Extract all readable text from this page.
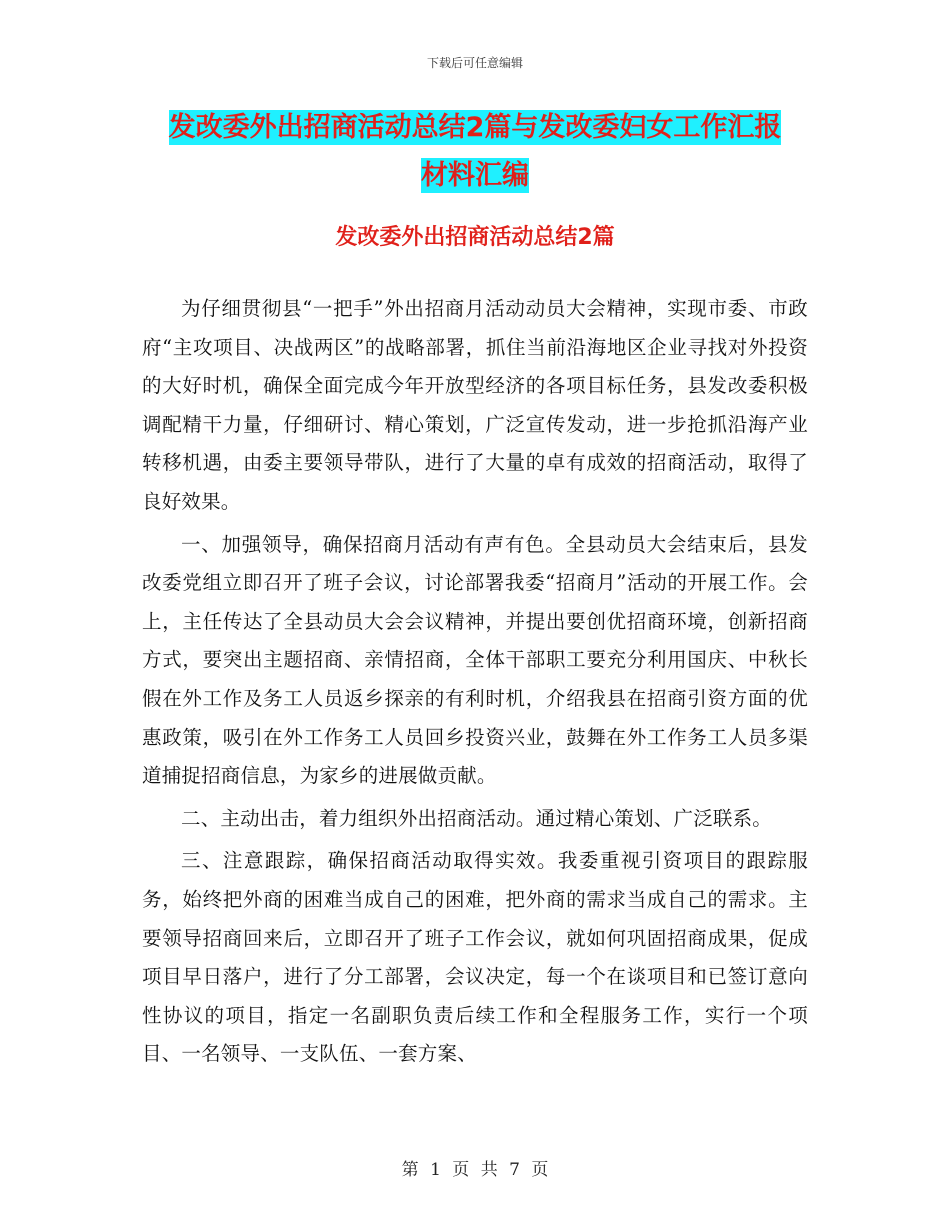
下载后可任意编辑
发改委外出招商活动总结2篇与发改委妇女工作汇报
材料汇编
发改委外出招商活动总结2篇

为仔细贯彻县“一把手”外出招商月活动动员大会精神，实现市委、市政府“主攻项目、决战两区”的战略部署，抓住当前沿海地区企业寻找对外投资的大好时机，确保全面完成今年开放型经济的各项目标任务，县发改委积极调配精干力量，仔细研讨、精心策划，广泛宣传发动，进一步抢抓沿海产业转移机遇，由委主要领导带队，进行了大量的卓有成效的招商活动，取得了良好效果。

一、加强领导，确保招商月活动有声有色。全县动员大会结束后，县发改委党组立即召开了班子会议，讨论部署我委“招商月”活动的开展工作。会上，主任传达了全县动员大会会议精神，并提出要创优招商环境，创新招商方式，要突出主题招商、亲情招商，全体干部职工要充分利用国庆、中秋长假在外工作及务工人员返乡探亲的有利时机，介绍我县在招商引资方面的优惠政策，吸引在外工作务工人员回乡投资兴业，鼓舞在外工作务工人员多渠道捕捉招商信息，为家乡的进展做贡献。

二、主动出击，着力组织外出招商活动。通过精心策划、广泛联系。

三、注意跟踪，确保招商活动取得实效。我委重视引资项目的跟踪服务，始终把外商的困难当成自己的困难，把外商的需求当成自己的需求。主要领导招商回来后，立即召开了班子工作会议，就如何巩固招商成果，促成项目早日落户，进行了分工部署，会议决定，每一个在谈项目和已签订意向性协议的项目，指定一名副职负责后续工作和全程服务工作，实行一个项目、一名领导、一支队伍、一套方案、

第 1 页 共 7 页
